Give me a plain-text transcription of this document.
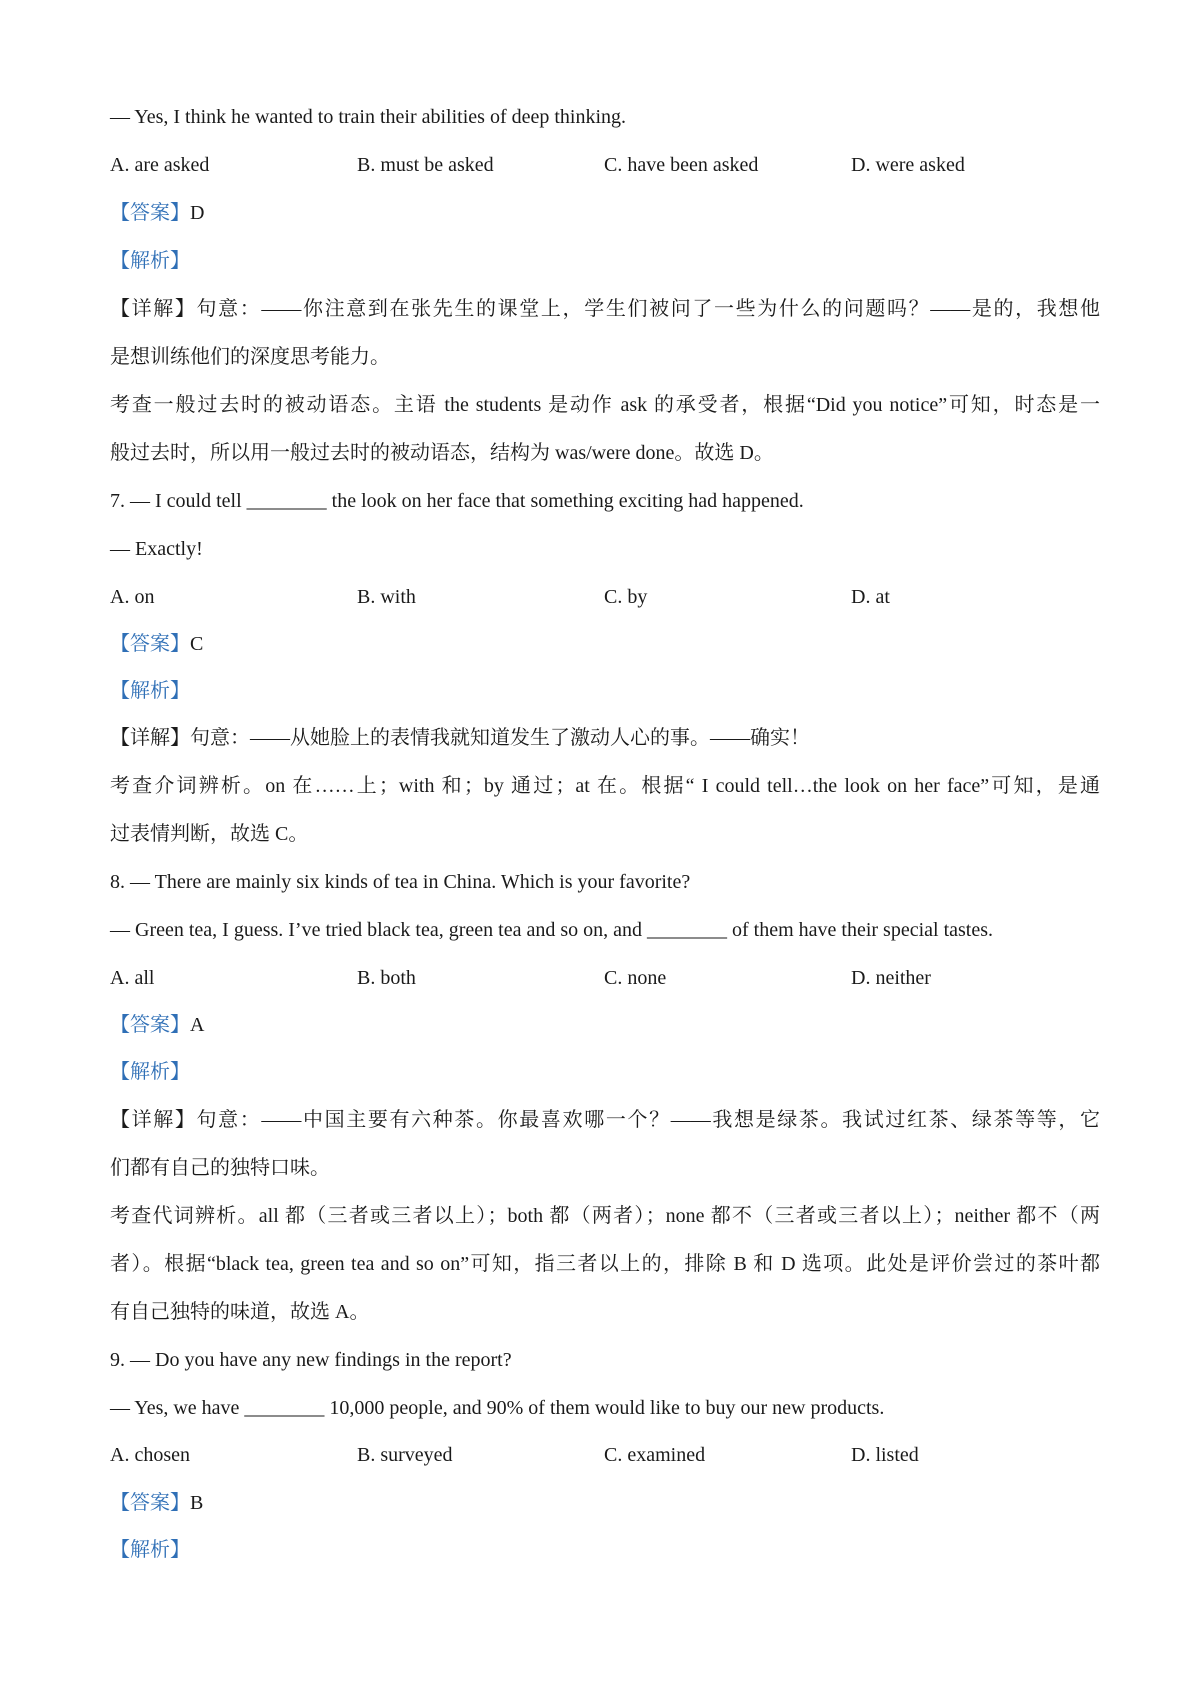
— Yes, I think he wanted to train their abilities of deep thinking.
A. are asked	B. must be asked	C. have been asked	D. were asked
【答案】D
【解析】
【详解】句意：——你注意到在张先生的课堂上，学生们被问了一些为什么的问题吗？——是的，我想他
是想训练他们的深度思考能力。
考查一般过去时的被动语态。主语 the students 是动作 ask 的承受者，根据“Did you notice”可知，时态是一
般过去时，所以用一般过去时的被动语态，结构为 was/were done。故选 D。
7. — I could tell ________ the look on her face that something exciting had happened.
— Exactly!
A. on	B. with	C. by	D. at
【答案】C
【解析】
【详解】句意：——从她脸上的表情我就知道发生了激动人心的事。——确实！
考查介词辨析。on 在……上；with 和；by 通过；at 在。根据“ I could tell…the look on her face”可知，是通
过表情判断，故选 C。
8. — There are mainly six kinds of tea in China. Which is your favorite?
— Green tea, I guess. I’ve tried black tea, green tea and so on, and ________ of them have their special tastes.
A. all	B. both	C. none	D. neither
【答案】A
【解析】
【详解】句意：——中国主要有六种茶。你最喜欢哪一个？——我想是绿茶。我试过红茶、绿茶等等，它
们都有自己的独特口味。
考查代词辨析。all 都（三者或三者以上）；both 都（两者）；none 都不（三者或三者以上）；neither 都不（两
者）。根据“black tea, green tea and so on”可知，指三者以上的，排除 B 和 D 选项。此处是评价尝过的茶叶都
有自己独特的味道，故选 A。
9. — Do you have any new findings in the report?
— Yes, we have ________ 10,000 people, and 90% of them would like to buy our new products.
A. chosen	B. surveyed	C. examined	D. listed
【答案】B
【解析】
